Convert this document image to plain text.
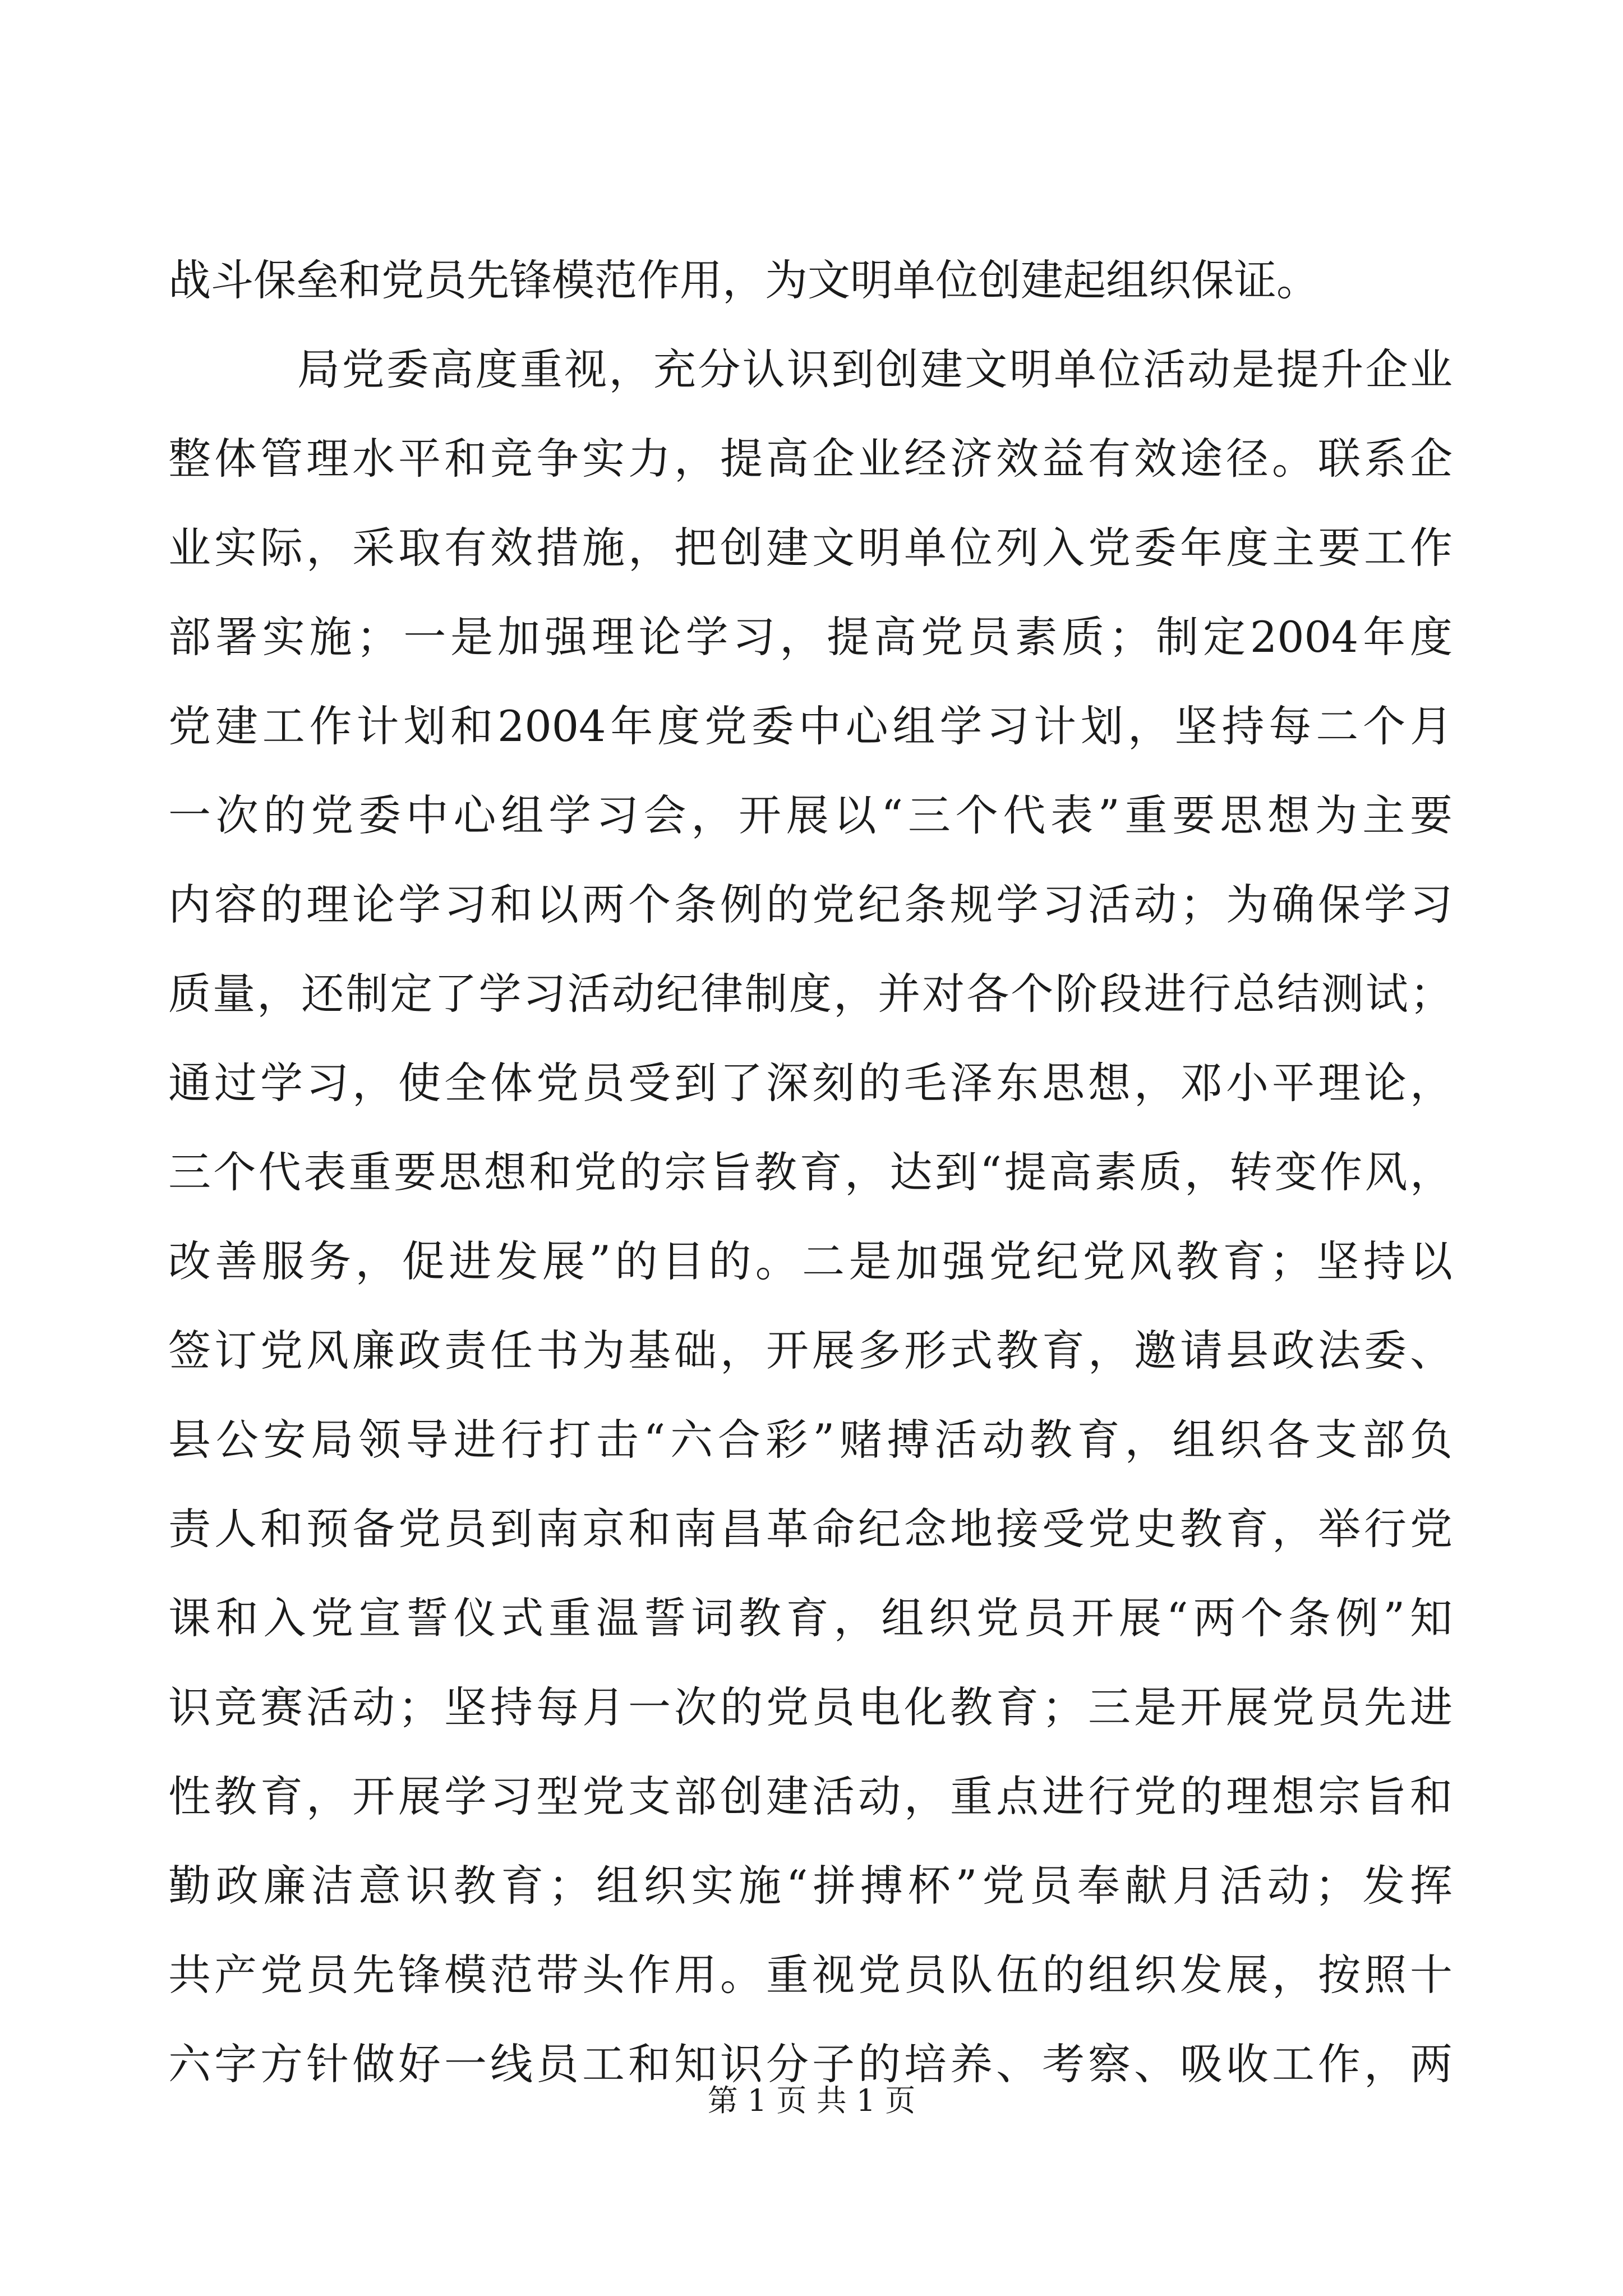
战斗保垒和党员先锋模范作用，为文明单位创建起组织保证。
局党委高度重视，充分认识到创建文明单位活动是提升企业
整体管理水平和竞争实力，提高企业经济效益有效途径。联系企
业实际，采取有效措施，把创建文明单位列入党委年度主要工作
部署实施；一是加强理论学习，提高党员素质；制定2004年度
党建工作计划和2004年度党委中心组学习计划，坚持每二个月
一次的党委中心组学习会，开展以“三个代表”重要思想为主要
内容的理论学习和以两个条例的党纪条规学习活动；为确保学习
质量，还制定了学习活动纪律制度，并对各个阶段进行总结测试；
通过学习，使全体党员受到了深刻的毛泽东思想，邓小平理论，
三个代表重要思想和党的宗旨教育，达到“提高素质，转变作风，
改善服务，促进发展”的目的。二是加强党纪党风教育；坚持以
签订党风廉政责任书为基础，开展多形式教育，邀请县政法委、
县公安局领导进行打击“六合彩”赌搏活动教育，组织各支部负
责人和预备党员到南京和南昌革命纪念地接受党史教育，举行党
课和入党宣誓仪式重温誓词教育，组织党员开展“两个条例”知
识竞赛活动；坚持每月一次的党员电化教育；三是开展党员先进
性教育，开展学习型党支部创建活动，重点进行党的理想宗旨和
勤政廉洁意识教育；组织实施“拼搏杯”党员奉献月活动；发挥
共产党员先锋模范带头作用。重视党员队伍的组织发展，按照十
六字方针做好一线员工和知识分子的培养、考察、吸收工作，两
第 1 页 共 1 页
